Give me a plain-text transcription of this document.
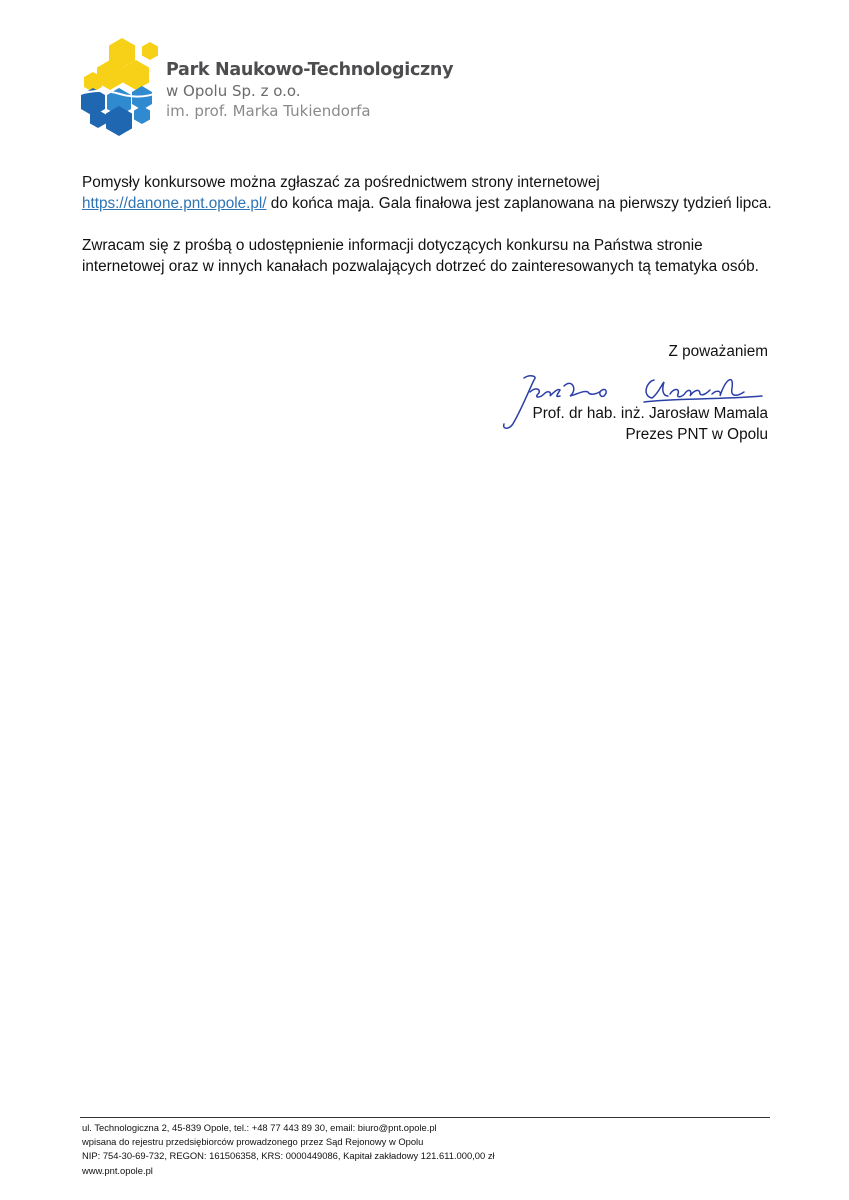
Park Naukowo-Technologiczny
w Opolu Sp. z o.o.
im. prof. Marka Tukiendorfa

Pomysły konkursowe można zgłaszać za pośrednictwem strony internetowej
https://danone.pnt.opole.pl/ do końca maja. Gala finałowa jest zaplanowana na pierwszy tydzień lipca.

Zwracam się z prośbą o udostępnienie informacji dotyczących konkursu na Państwa stronie internetowej oraz w innych kanałach pozwalających dotrzeć do zainteresowanych tą tematyka osób.

Z poważaniem
Prof. dr hab. inż. Jarosław Mamala
Prezes PNT w Opolu
ul. Technologiczna 2, 45-839 Opole, tel.: +48 77 443 89 30, email: biuro@pnt.opole.pl
wpisana do rejestru przedsiębiorców prowadzonego przez Sąd Rejonowy w Opolu
NIP: 754-30-69-732, REGON: 161506358, KRS: 0000449086, Kapitał zakładowy 121.611.000,00 zł
www.pnt.opole.pl
